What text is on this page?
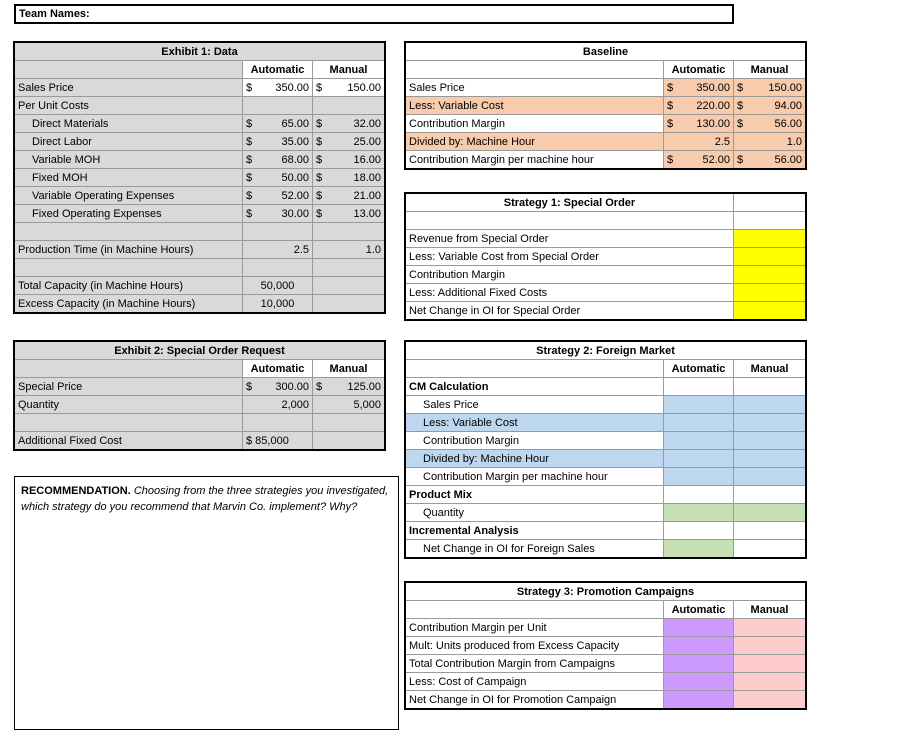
Team Names:
Exhibit 1: Data		
	Automatic	Manual
Sales Price	$ 350.00	$ 150.00

Per Unit Costs		
Direct Materials	$ 65.00	$ 32.00

Direct Labor	$ 35.00	$ 25.00

Variable MOH	$ 68.00	$ 16.00

Fixed MOH	$ 50.00	$ 18.00

Variable Operating Expenses	$ 52.00	$ 21.00

Fixed Operating Expenses	$ 30.00	$ 13.00

Production Time (in Machine Hours)	2.5	1.0

Total Capacity (in Machine Hours)	50,000	
Excess Capacity (in Machine Hours)	10,000	
Exhibit 2: Special Order Request		
	Automatic	Manual
Special Price	$ 300.00	$ 125.00

Quantity	2,000	5,000

Additional Fixed Cost	$ 85,000	
RECOMMENDATION. Choosing from the three strategies you investigated, which strategy do you recommend that Marvin Co. implement? Why?
Baseline		
	Automatic	Manual
Sales Price	$ 350.00	$ 150.00

Less: Variable Cost	$ 220.00	$ 94.00

Contribution Margin	$ 130.00	$ 56.00

Divided by: Machine Hour	2.5	1.0
Contribution Margin per machine hour	$ 52.00	$ 56.00
Strategy 1: Special Order	

Revenue from Special Order	
Less: Variable Cost from Special Order	
Contribution Margin	
Less: Additional Fixed Costs	
Net Change in OI for Special Order	
Strategy 2: Foreign Market		
	Automatic	Manual
CM Calculation		
Sales Price		
Less: Variable Cost		
Contribution Margin		
Divided by: Machine Hour		
Contribution Margin per machine hour		
Product Mix		
Quantity		
Incremental Analysis		
Net Change in OI for Foreign Sales		
Strategy 3: Promotion Campaigns		
	Automatic	Manual
Contribution Margin per Unit		
Mult: Units produced from Excess Capacity		
Total Contribution Margin from Campaigns		
Less: Cost of Campaign		
Net Change in OI for Promotion Campaign		
